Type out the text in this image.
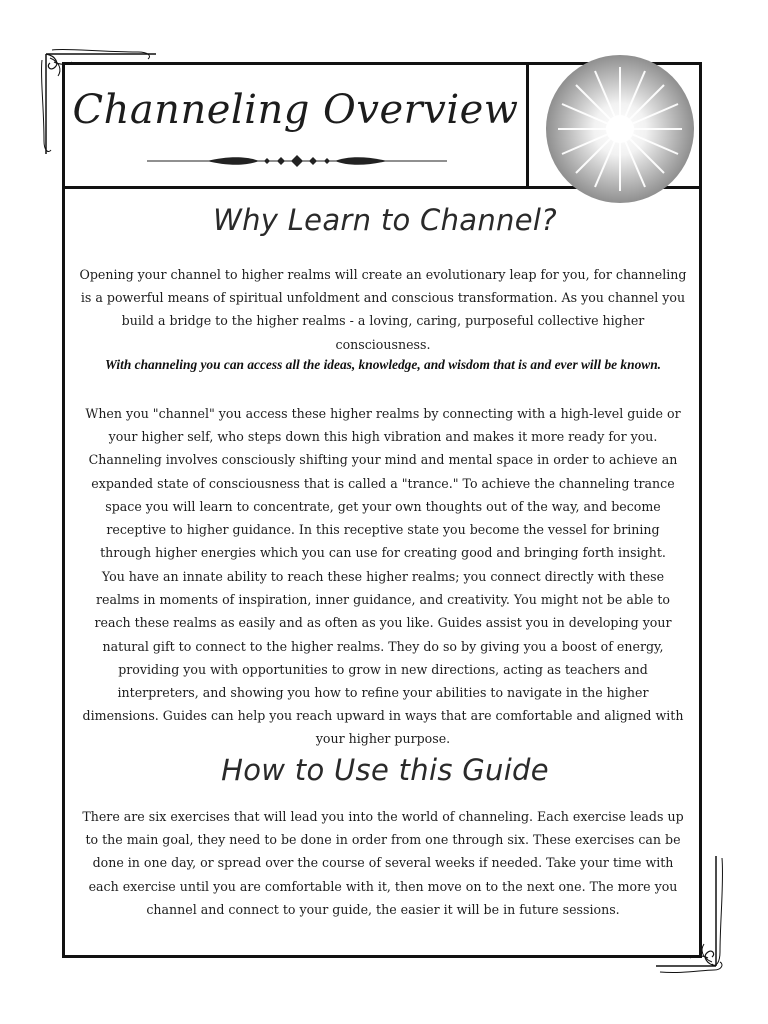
Channeling Overview
Why Learn to Channel?

Opening your channel to higher realms will create an evolutionary leap for you, for channeling is a powerful means of spiritual unfoldment and conscious transformation. As you channel you build a bridge to the higher realms - a loving, caring, purposeful collective higher consciousness.

With channeling you can access all the ideas, knowledge, and wisdom that is and ever will be known.

When you "channel" you access these higher realms by connecting with a high-level guide or your higher self, who steps down this high vibration and makes it more ready for you. Channeling involves consciously shifting your mind and mental space in order to achieve an expanded state of consciousness that is called a "trance." To achieve the channeling trance space you will learn to concentrate, get your own thoughts out of the way, and become receptive to higher guidance. In this receptive state you become the vessel for brining through higher energies which you can use for creating good and bringing forth insight.

You have an innate ability to reach these higher realms; you connect directly with these realms in moments of inspiration, inner guidance, and creativity. You might not be able to reach these realms as easily and as often as you like. Guides assist you in developing your natural gift to connect to the higher realms. They do so by giving you a boost of energy, providing you with opportunities to grow in new directions, acting as teachers and interpreters, and showing you how to refine your abilities to navigate in the higher dimensions. Guides can help you reach upward in ways that are comfortable and aligned with your higher purpose.

How to Use this Guide

There are six exercises that will lead you into the world of channeling. Each exercise leads up to the main goal, they need to be done in order from one through six. These exercises can be done in one day, or spread over the course of several weeks if needed. Take your time with each exercise until you are comfortable with it, then move on to the next one. The more you channel and connect to your guide, the easier it will be in future sessions.
